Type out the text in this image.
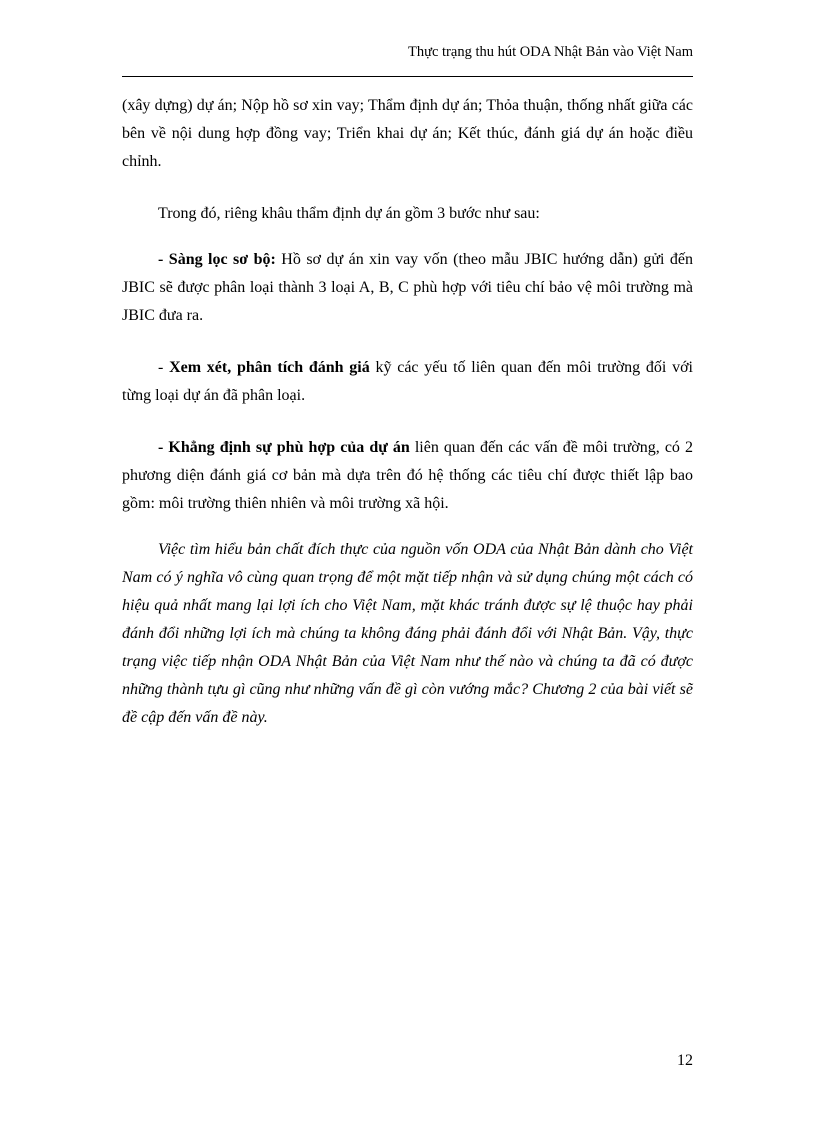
Thực trạng thu hút ODA Nhật Bản vào Việt Nam

(xây dựng) dự án; Nộp hồ sơ xin vay; Thẩm định dự án; Thỏa thuận, thống nhất giữa các bên về nội dung hợp đồng vay; Triển khai dự án; Kết thúc, đánh giá dự án hoặc điều chỉnh.

Trong đó, riêng khâu thẩm định dự án gồm 3 bước như sau:

- Sàng lọc sơ bộ: Hồ sơ dự án xin vay vốn (theo mẫu JBIC hướng dẫn) gửi đến JBIC sẽ được phân loại thành 3 loại A, B, C phù hợp với tiêu chí bảo vệ môi trường mà JBIC đưa ra.

- Xem xét, phân tích đánh giá kỹ các yếu tố liên quan đến môi trường đối với từng loại dự án đã phân loại.

- Khẳng định sự phù hợp của dự án liên quan đến các vấn đề môi trường, có 2 phương diện đánh giá cơ bản mà dựa trên đó hệ thống các tiêu chí được thiết lập bao gồm: môi trường thiên nhiên và môi trường xã hội.

Việc tìm hiểu bản chất đích thực của nguồn vốn ODA của Nhật Bản dành cho Việt Nam có ý nghĩa vô cùng quan trọng để một mặt tiếp nhận và sử dụng chúng một cách có hiệu quả nhất mang lại lợi ích cho Việt Nam, mặt khác tránh được sự lệ thuộc hay phải đánh đổi những lợi ích mà chúng ta không đáng phải đánh đổi với Nhật Bản. Vậy, thực trạng việc tiếp nhận ODA Nhật Bản của Việt Nam như thế nào và chúng ta đã có được những thành tựu gì cũng như những vấn đề gì còn vướng mắc? Chương 2 của bài viết sẽ đề cập đến vấn đề này.

12
